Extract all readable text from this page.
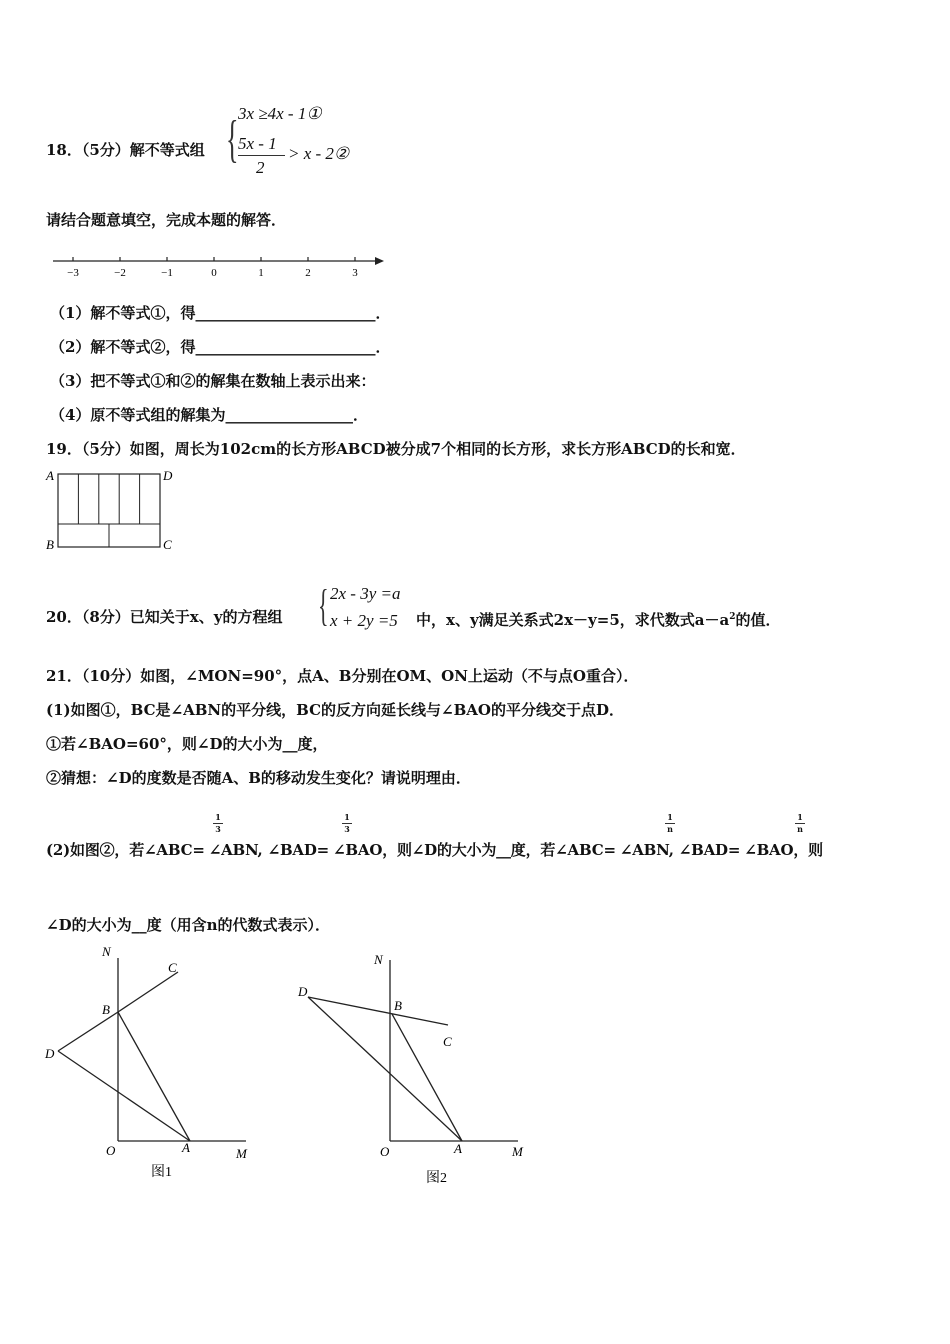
18．（5分）解不等式组 { 3x ≥4x - 1①
5x - 1
2
> x - 2②
请结合题意填空，完成本题的解答．
−3	−2	−1	0	1	2	3
（1）解不等式①，得________________________．
（2）解不等式②，得________________________．
（3）把不等式①和②的解集在数轴上表示出来：
（4）原不等式组的解集为_________________．
19．（5分）如图，周长为102cm的长方形ABCD被分成7个相同的长方形，求长方形ABCD的长和宽．
A	D
B	C
20．（8分）已知关于x、y的方程组 { 2x - 3y =a
x + 2y =5 中，x、y满足关系式2x－y=5，求代数式$a-a^2$的值．
21．（10分）如图，∠MON=90°，点A、B分别在OM、ON上运动（不与点O重合）．
(1)如图①，BC是∠ABN的平分线，BC的反方向延长线与∠BAO的平分线交于点D．
①若∠BAO=60°，则∠D的大小为__度，
②猜想：∠D的度数是否随A、B的移动发生变化？请说明理由．
1
3
1
3
1
n
1
n
(2)如图②，若∠ABC= ∠ABN, ∠BAD= ∠BAO，则∠D的大小为__度，若∠ABC= ∠ABN, ∠BAD= ∠BAO，则
∠D的大小为__度（用含n的代数式表示）．
N
C
B
D
O	A	M
图1
N
D
B
C
O	A	M
图2
